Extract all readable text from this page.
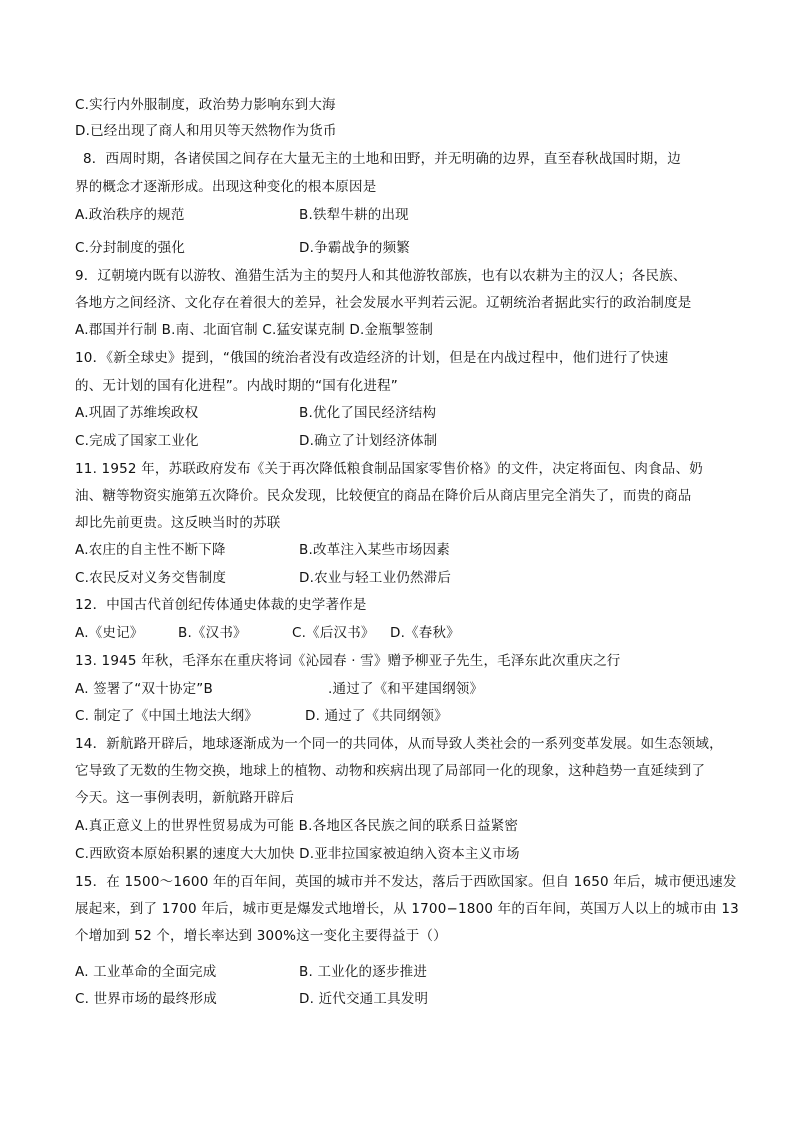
C.实行内外服制度，政治势力影响东到大海
D.已经出现了商人和用贝等天然物作为货币
8．西周时期，各诸侯国之间存在大量无主的土地和田野，并无明确的边界，直至春秋战国时期，边
界的概念才逐渐形成。出现这种变化的根本原因是
A.政治秩序的规范	B.铁犁牛耕的出现
C.分封制度的强化	D.争霸战争的频繁
9．辽朝境内既有以游牧、渔猎生活为主的契丹人和其他游牧部族，也有以农耕为主的汉人；各民族、
各地方之间经济、文化存在着很大的差异，社会发展水平判若云泥。辽朝统治者据此实行的政治制度是
A.郡国并行制 B.南、北面官制 C.猛安谋克制 D.金瓶掣签制
10．《新全球史》提到，“俄国的统治者没有改造经济的计划，但是在内战过程中，他们进行了快速
的、无计划的国有化进程”。内战时期的“国有化进程”
A.巩固了苏维埃政权	B.优化了国民经济结构
C.完成了国家工业化	D.确立了计划经济体制
11. 1952 年，苏联政府发布《关于再次降低粮食制品国家零售价格》的文件，决定将面包、肉食品、奶
油、糖等物资实施第五次降价。民众发现，比较便宜的商品在降价后从商店里完全消失了，而贵的商品
却比先前更贵。这反映当时的苏联
A.农庄的自主性不断下降	B.改革注入某些市场因素
C.农民反对义务交售制度	D.农业与轻工业仍然滞后
12．中国古代首创纪传体通史体裁的史学著作是
A.《史记》	B.《汉书》	C.《后汉书》 D.《春秋》
13. 1945 年秋，毛泽东在重庆将词《沁园春 · 雪》赠予柳亚子先生，毛泽东此次重庆之行
A. 签署了“双十协定”B	.通过了《和平建国纲领》
C. 制定了《中国土地法大纲》	D. 通过了《共同纲领》
14．新航路开辟后，地球逐渐成为一个同一的共同体，从而导致人类社会的一系列变革发展。如生态领域，
它导致了无数的生物交换，地球上的植物、动物和疾病出现了局部同一化的现象，这种趋势一直延续到了
今天。这一事例表明，新航路开辟后
A.真正意义上的世界性贸易成为可能 B.各地区各民族之间的联系日益紧密
C.西欧资本原始积累的速度大大加快 D.亚非拉国家被迫纳入资本主义市场
15．在 1500～1600 年的百年间，英国的城市并不发达，落后于西欧国家。但自 1650 年后，城市便迅速发
展起来，到了 1700 年后，城市更是爆发式地增长，从 1700−1800 年的百年间，英国万人以上的城市由 13
个增加到 52 个，增长率达到 300%这一变化主要得益于（）
A. 工业革命的全面完成	B. 工业化的逐步推进
C. 世界市场的最终形成	D. 近代交通工具发明
